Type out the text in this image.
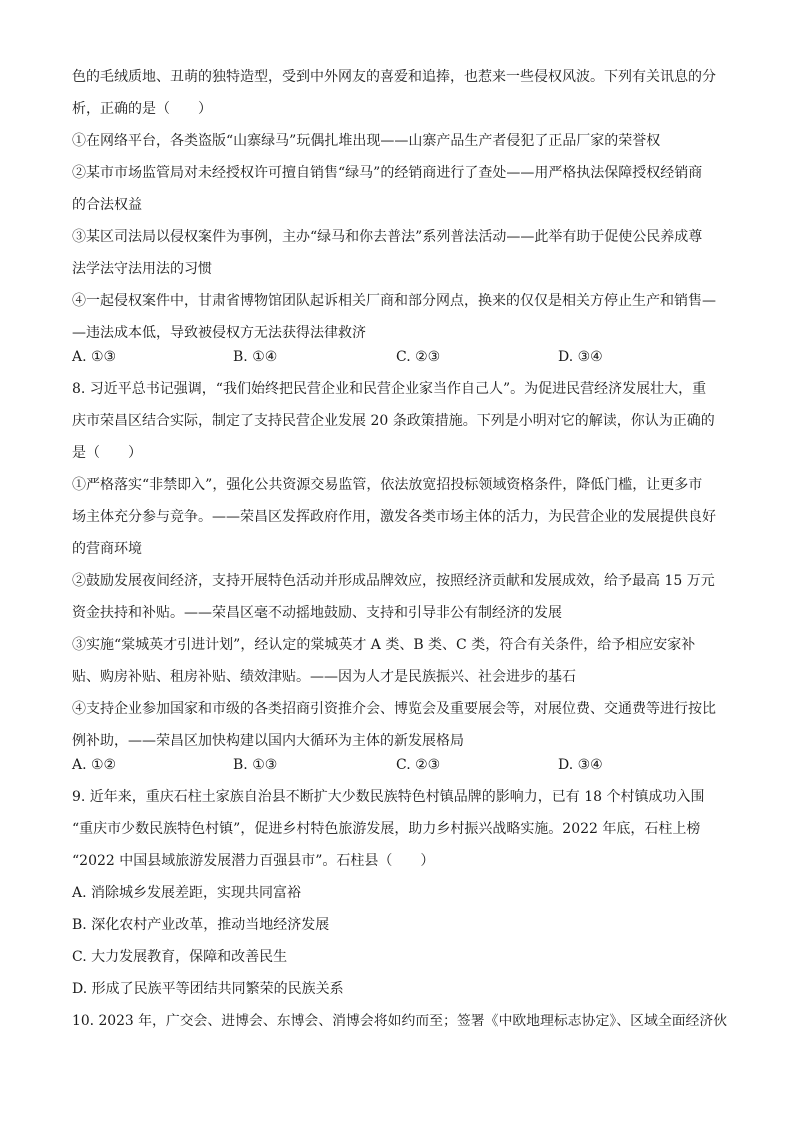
色的毛绒质地、丑萌的独特造型，受到中外网友的喜爱和追捧，也惹来一些侵权风波。下列有关讯息的分
析，正确的是（　　）
①在网络平台，各类盗版“山寨绿马”玩偶扎堆出现——山寨产品生产者侵犯了正品厂家的荣誉权
②某市市场监管局对未经授权许可擅自销售“绿马”的经销商进行了查处——用严格执法保障授权经销商
的合法权益
③某区司法局以侵权案件为事例，主办“绿马和你去普法”系列普法活动——此举有助于促使公民养成尊
法学法守法用法的习惯
④一起侵权案件中，甘肃省博物馆团队起诉相关厂商和部分网点，换来的仅仅是相关方停止生产和销售—
—违法成本低，导致被侵权方无法获得法律救济
A. ①③	B. ①④	C. ②③	D. ③④
8. 习近平总书记强调，“我们始终把民营企业和民营企业家当作自己人”。为促进民营经济发展壮大，重
庆市荣昌区结合实际，制定了支持民营企业发展 20 条政策措施。下列是小明对它的解读，你认为正确的
是（　　）
①严格落实“非禁即入”，强化公共资源交易监管，依法放宽招投标领域资格条件，降低门槛，让更多市
场主体充分参与竞争。——荣昌区发挥政府作用，激发各类市场主体的活力，为民营企业的发展提供良好
的营商环境
②鼓励发展夜间经济，支持开展特色活动并形成品牌效应，按照经济贡献和发展成效，给予最高 15 万元
资金扶持和补贴。——荣昌区毫不动摇地鼓励、支持和引导非公有制经济的发展
③实施“棠城英才引进计划”，经认定的棠城英才 A 类、B 类、C 类，符合有关条件，给予相应安家补
贴、购房补贴、租房补贴、绩效津贴。——因为人才是民族振兴、社会进步的基石
④支持企业参加国家和市级的各类招商引资推介会、博览会及重要展会等，对展位费、交通费等进行按比
例补助，——荣昌区加快构建以国内大循环为主体的新发展格局
A. ①②	B. ①③	C. ②③	D. ③④
9. 近年来，重庆石柱土家族自治县不断扩大少数民族特色村镇品牌的影响力，已有 18 个村镇成功入围
“重庆市少数民族特色村镇”，促进乡村特色旅游发展，助力乡村振兴战略实施。2022 年底，石柱上榜
“2022 中国县域旅游发展潜力百强县市”。石柱县（　　）
A. 消除城乡发展差距，实现共同富裕
B. 深化农村产业改革，推动当地经济发展
C. 大力发展教育，保障和改善民生
D. 形成了民族平等团结共同繁荣的民族关系
10. 2023 年，广交会、进博会、东博会、消博会将如约而至；签署《中欧地理标志协定》、区域全面经济伙
